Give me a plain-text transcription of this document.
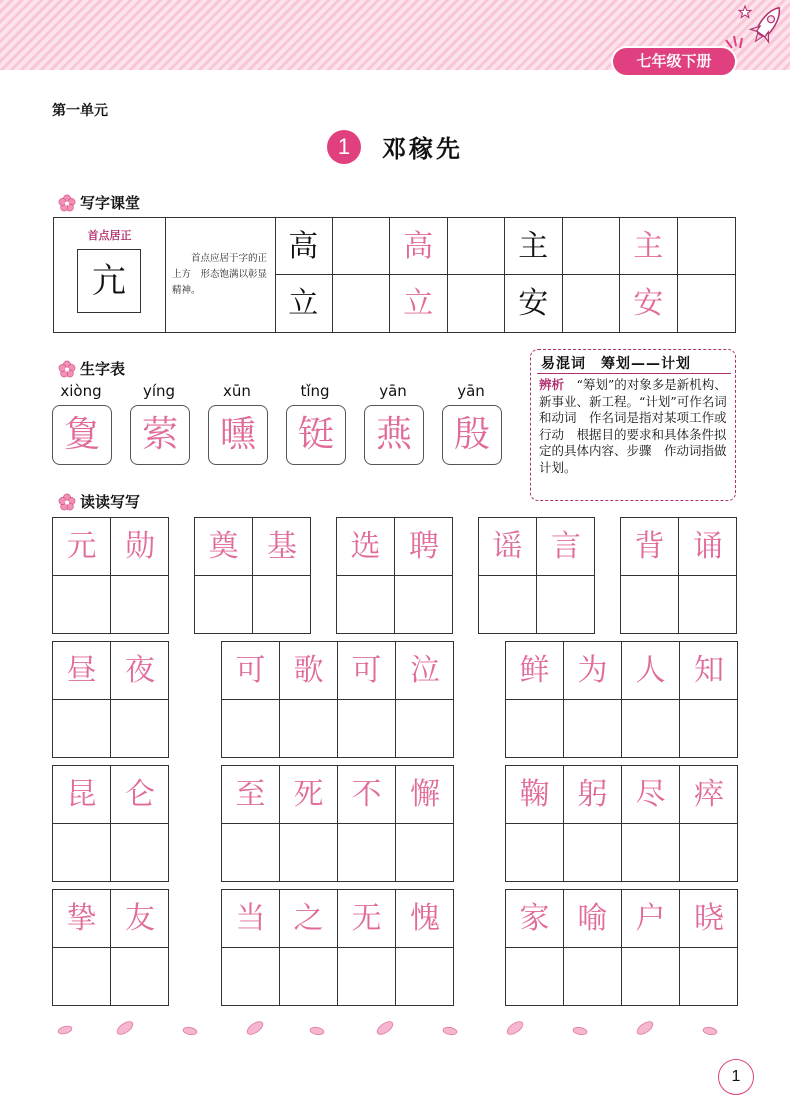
七年级下册
第一单元
1	邓稼先
写字课堂
首点居正
亢
首点应居于字的正上方　形态饱满以彰显精神。
高	高	主	主
立	立	安	安
生字表
xiòng
夐
yíng
萦
xūn
曛
tǐng
铤
yān
燕
yān
殷
易混词　筹划——计划
辨析　 “筹划”的对象多是新机构、新事业、新工程。“计划”可作名词和动词　作名词是指对某项工作或行动　根据目的要求和具体条件拟定的具体内容、步骤　作动词指做计划。
读读写写
元 勋	奠 基	选 聘	谣 言	背 诵
昼 夜	可 歌 可 泣	鲜 为 人 知
昆 仑	至 死 不 懈	鞠 躬 尽 瘁
挚 友	当 之 无 愧	家 喻 户 晓
1
